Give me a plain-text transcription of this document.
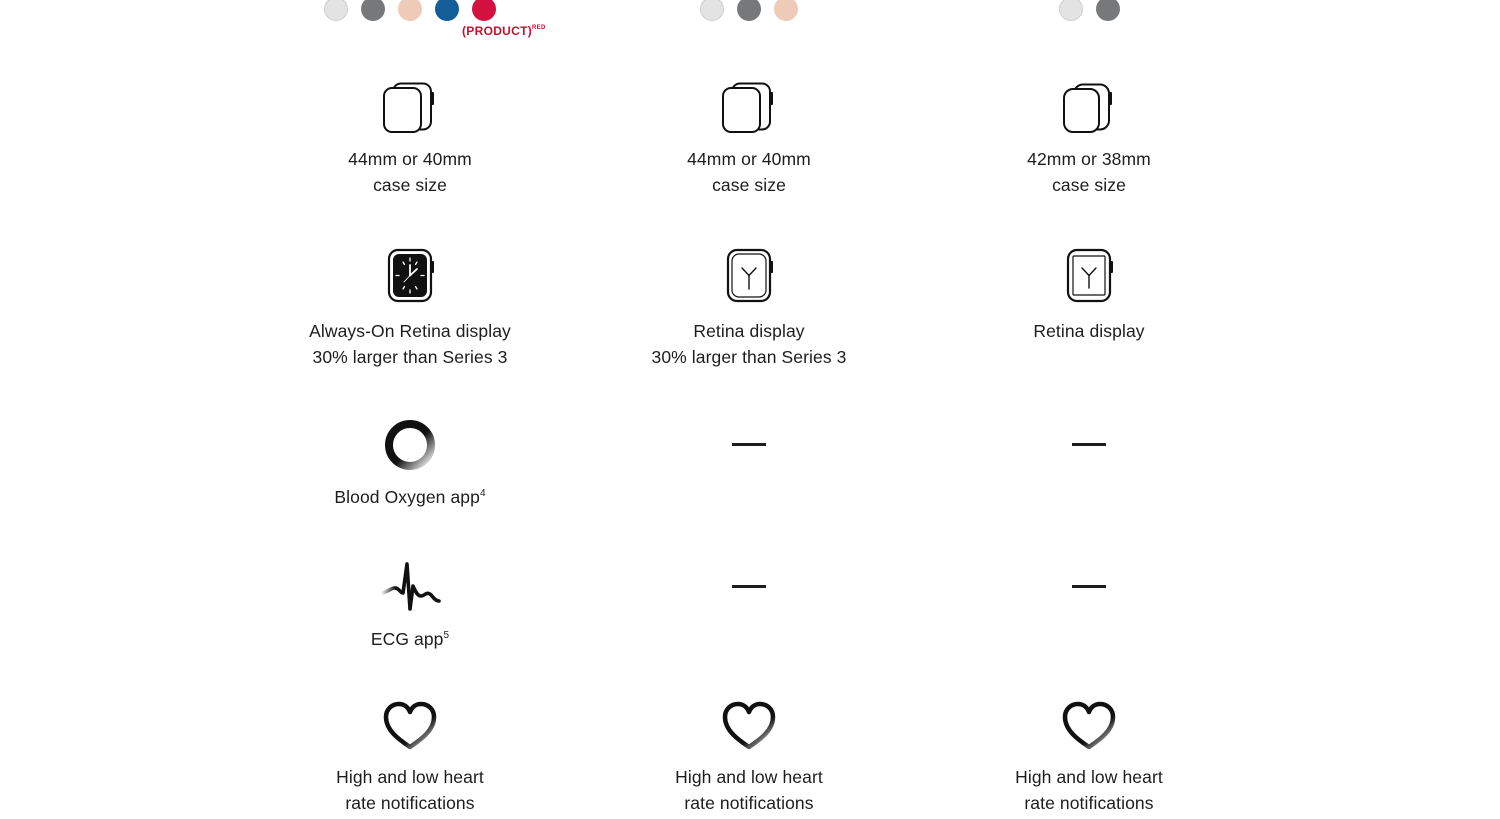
(PRODUCT)$^{RED}$
44mm or 40mm
case size
Always-On Retina display
30% larger than Series 3
Blood Oxygen app$^4$
ECG app$^5$
High and low heart
rate notifications
44mm or 40mm
case size
Retina display
30% larger than Series 3
High and low heart
rate notifications
42mm or 38mm
case size
Retina display
High and low heart
rate notifications
